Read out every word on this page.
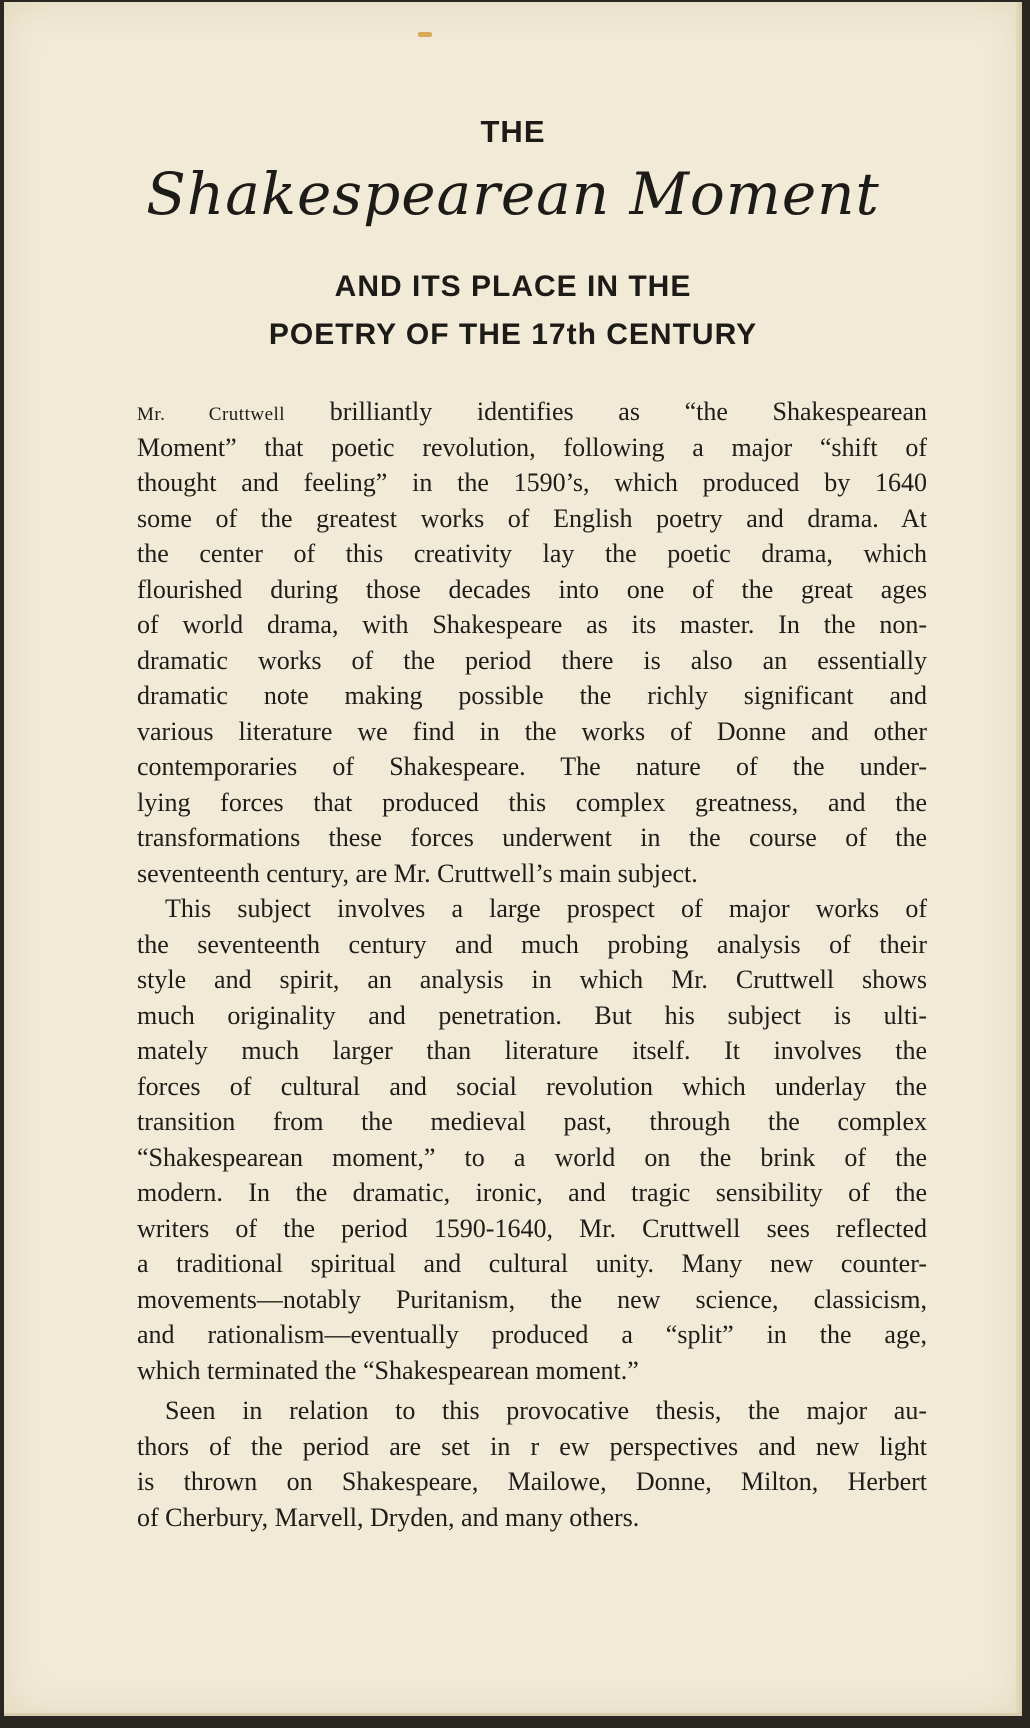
THE
Shakespearean Moment
AND ITS PLACE IN THE
POETRY OF THE 17th CENTURY
Mr. Cruttwell brilliantly identifies as “the Shakespearean
Moment” that poetic revolution, following a major “shift of
thought and feeling” in the 1590’s, which produced by 1640
some of the greatest works of English poetry and drama. At
the center of this creativity lay the poetic drama, which
flourished during those decades into one of the great ages
of world drama, with Shakespeare as its master. In the non-
dramatic works of the period there is also an essentially
dramatic note making possible the richly significant and
various literature we find in the works of Donne and other
contemporaries of Shakespeare. The nature of the under-
lying forces that produced this complex greatness, and the
transformations these forces underwent in the course of the
seventeenth century, are Mr. Cruttwell’s main subject.
This subject involves a large prospect of major works of
the seventeenth century and much probing analysis of their
style and spirit, an analysis in which Mr. Cruttwell shows
much originality and penetration. But his subject is ulti-
mately much larger than literature itself. It involves the
forces of cultural and social revolution which underlay the
transition from the medieval past, through the complex
“Shakespearean moment,” to a world on the brink of the
modern. In the dramatic, ironic, and tragic sensibility of the
writers of the period 1590-1640, Mr. Cruttwell sees reflected
a traditional spiritual and cultural unity. Many new counter-
movements—notably Puritanism, the new science, classicism,
and rationalism—eventually produced a “split” in the age,
which terminated the “Shakespearean moment.”
Seen in relation to this provocative thesis, the major au-
thors of the period are set in r ew perspectives and new light
is thrown on Shakespeare, Mailowe, Donne, Milton, Herbert
of Cherbury, Marvell, Dryden, and many others.
